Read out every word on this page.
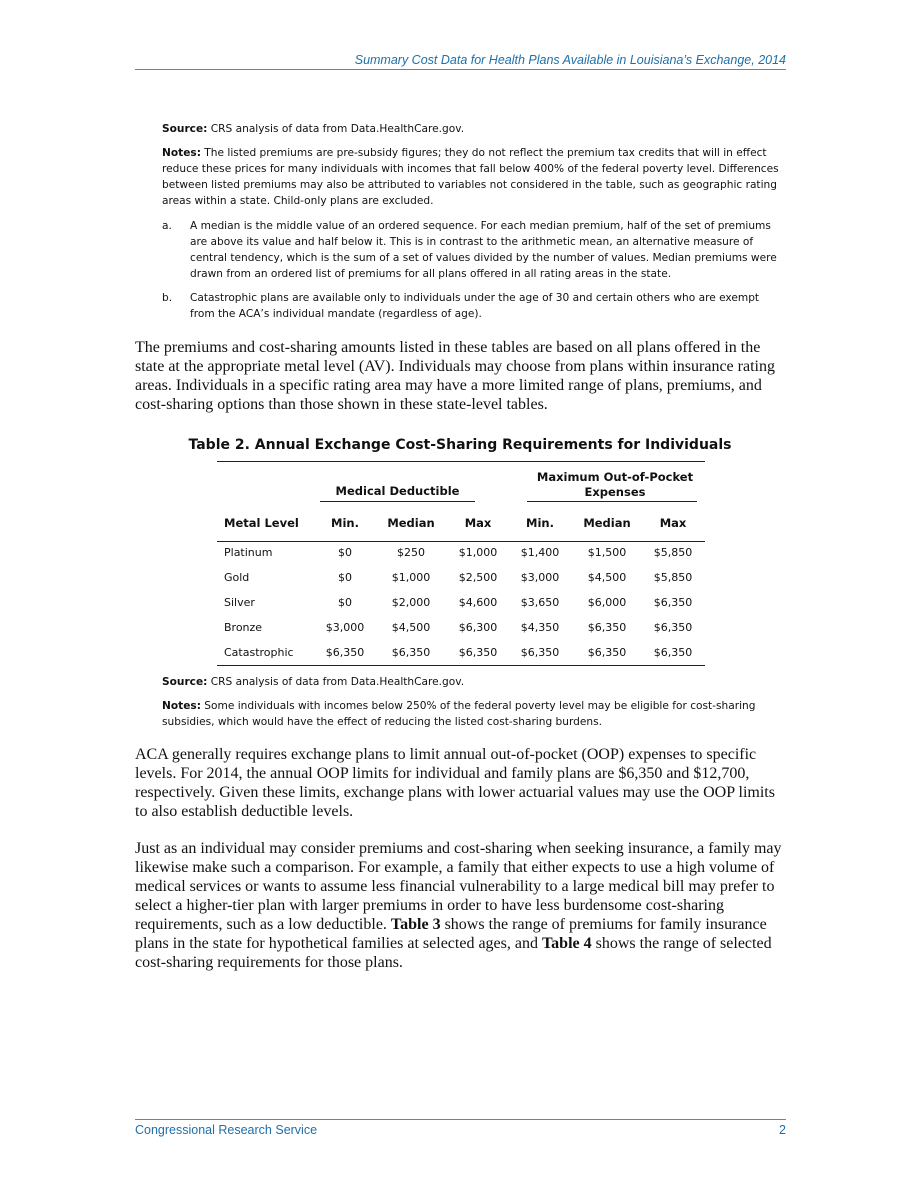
Summary Cost Data for Health Plans Available in Louisiana’s Exchange, 2014
Source: CRS analysis of data from Data.HealthCare.gov.
Notes: The listed premiums are pre-subsidy figures; they do not reflect the premium tax credits that will in effect reduce these prices for many individuals with incomes that fall below 400% of the federal poverty level. Differences between listed premiums may also be attributed to variables not considered in the table, such as geographic rating areas within a state. Child-only plans are excluded.
a. A median is the middle value of an ordered sequence. For each median premium, half of the set of premiums are above its value and half below it. This is in contrast to the arithmetic mean, an alternative measure of central tendency, which is the sum of a set of values divided by the number of values. Median premiums were drawn from an ordered list of premiums for all plans offered in all rating areas in the state.
b. Catastrophic plans are available only to individuals under the age of 30 and certain others who are exempt from the ACA’s individual mandate (regardless of age).
The premiums and cost-sharing amounts listed in these tables are based on all plans offered in the state at the appropriate metal level (AV). Individuals may choose from plans within insurance rating areas. Individuals in a specific rating area may have a more limited range of plans, premiums, and cost-sharing options than those shown in these state-level tables.
Table 2. Annual Exchange Cost-Sharing Requirements for Individuals
Medical Deductible
Maximum Out-of-Pocket
Expenses
Metal Level	Min.	Median	Max	Min.	Median	Max
Platinum	$0	$250	$1,000	$1,400	$1,500	$5,850
Gold	$0	$1,000	$2,500	$3,000	$4,500	$5,850
Silver	$0	$2,000	$4,600	$3,650	$6,000	$6,350
Bronze	$3,000	$4,500	$6,300	$4,350	$6,350	$6,350
Catastrophic	$6,350	$6,350	$6,350	$6,350	$6,350	$6,350
Source: CRS analysis of data from Data.HealthCare.gov.
Notes: Some individuals with incomes below 250% of the federal poverty level may be eligible for cost-sharing subsidies, which would have the effect of reducing the listed cost-sharing burdens.
ACA generally requires exchange plans to limit annual out-of-pocket (OOP) expenses to specific levels. For 2014, the annual OOP limits for individual and family plans are $6,350 and $12,700, respectively. Given these limits, exchange plans with lower actuarial values may use the OOP limits to also establish deductible levels.
Just as an individual may consider premiums and cost-sharing when seeking insurance, a family may likewise make such a comparison. For example, a family that either expects to use a high volume of medical services or wants to assume less financial vulnerability to a large medical bill may prefer to select a higher-tier plan with larger premiums in order to have less burdensome cost-sharing requirements, such as a low deductible. Table 3 shows the range of premiums for family insurance plans in the state for hypothetical families at selected ages, and Table 4 shows the range of selected cost-sharing requirements for those plans.
Congressional Research Service	2
